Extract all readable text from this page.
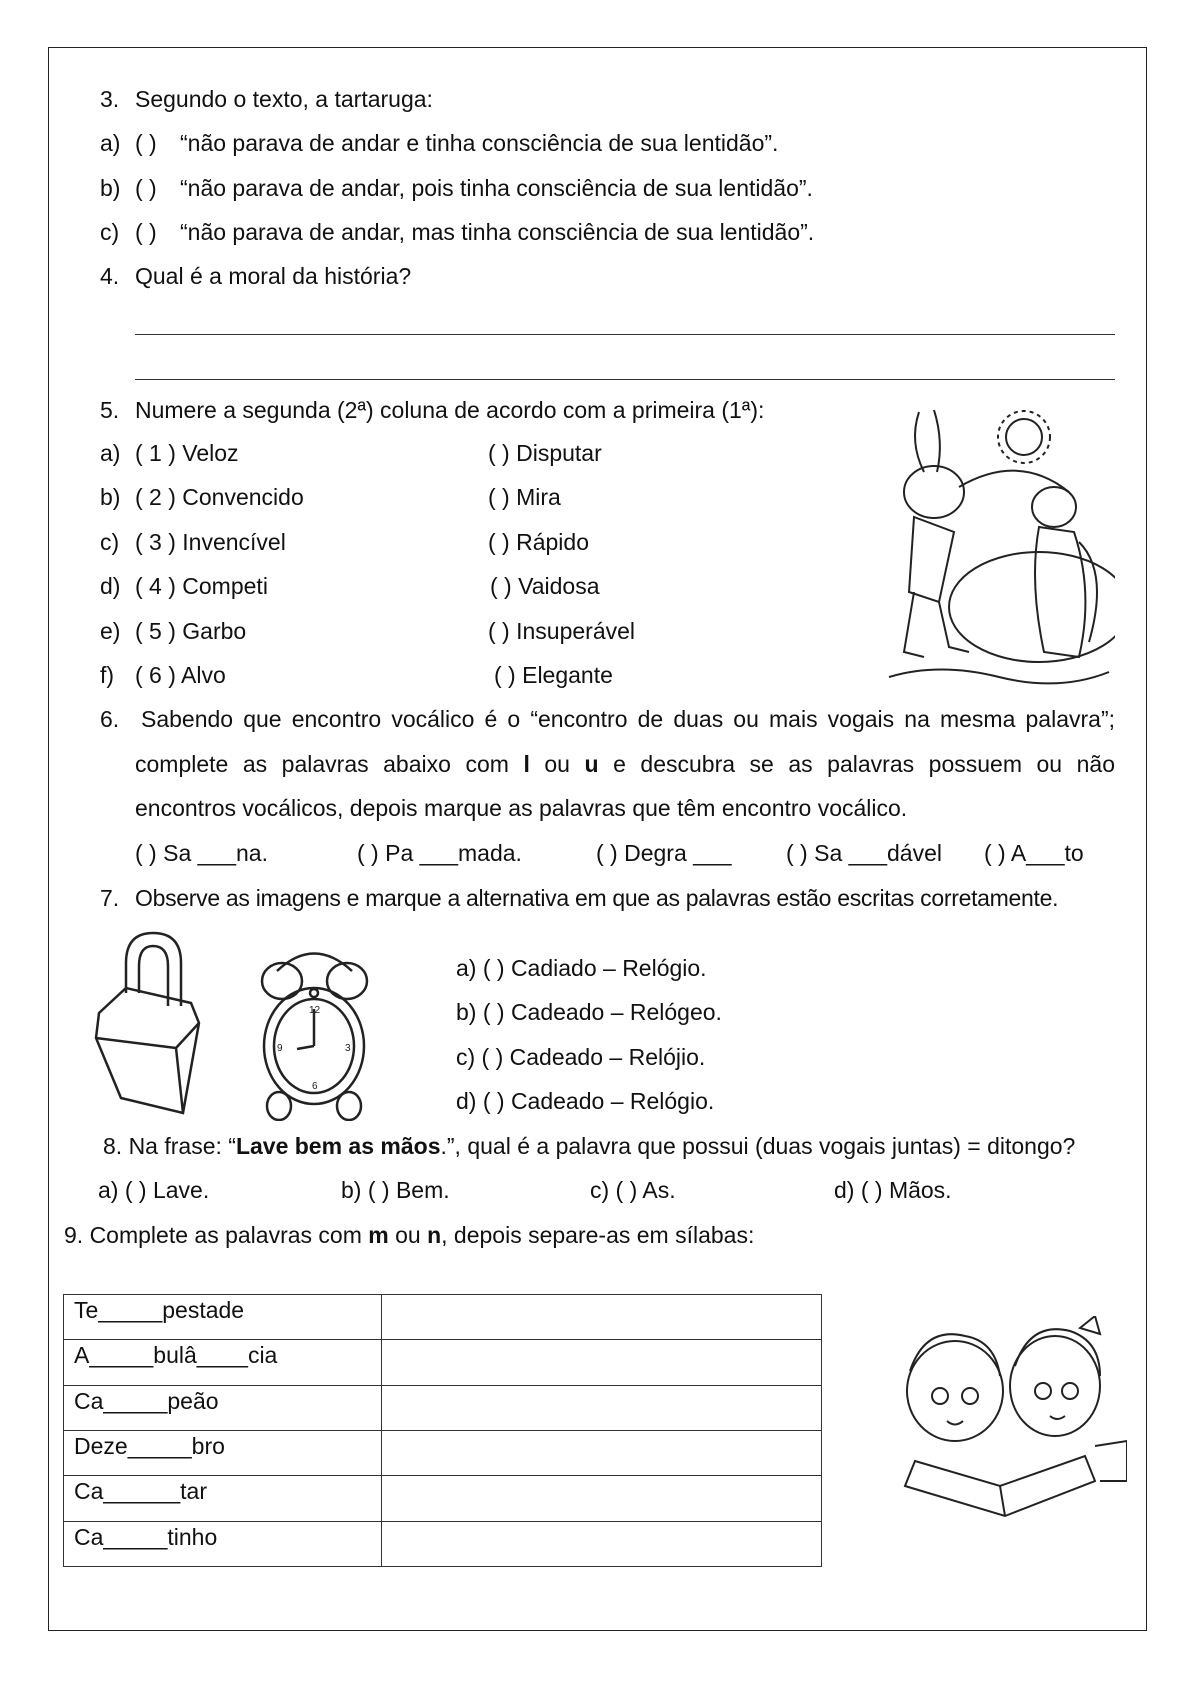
3. Segundo o texto, a tartaruga:
a) ( ) “não parava de andar e tinha consciência de sua lentidão”.
b) ( ) “não parava de andar, pois tinha consciência de sua lentidão”.
c) ( ) “não parava de andar, mas tinha consciência de sua lentidão”.
4. Qual é a moral da história?
5. Numere a segunda (2ª) coluna de acordo com a primeira (1ª):
a) ( 1 ) Veloz	( ) Disputar
b) ( 2 ) Convencido	( ) Mira
c) ( 3 ) Invencível	( ) Rápido
d) ( 4 ) Competi	( ) Vaidosa
e) ( 5 ) Garbo	( ) Insuperável
f) ( 6 ) Alvo	( ) Elegante
6. Sabendo que encontro vocálico é o “encontro de duas ou mais vogais na mesma palavra”;
complete as palavras abaixo com l ou u e descubra se as palavras possuem ou não
encontros vocálicos, depois marque as palavras que têm encontro vocálico.
( ) Sa ___na.	( ) Pa ___mada.	( ) Degra ___ ( ) Sa ___dável ( ) A___to
7. Observe as imagens e marque a alternativa em que as palavras estão escritas corretamente.
12
3
6
9
a) ( ) Cadiado – Relógio.
b) ( ) Cadeado – Relógeo.
c) ( ) Cadeado – Relójio.
d) ( ) Cadeado – Relógio.
8. Na frase: “Lave bem as mãos.”, qual é a palavra que possui (duas vogais juntas) = ditongo?
a) ( ) Lave.	b) ( ) Bem.	c) ( ) As.	d) ( ) Mãos.
9. Complete as palavras com m ou n, depois separe-as em sílabas:
Te_____pestade	
A_____bulâ____cia	
Ca_____peão	
Deze_____bro	
Ca______tar	
Ca_____tinho	
